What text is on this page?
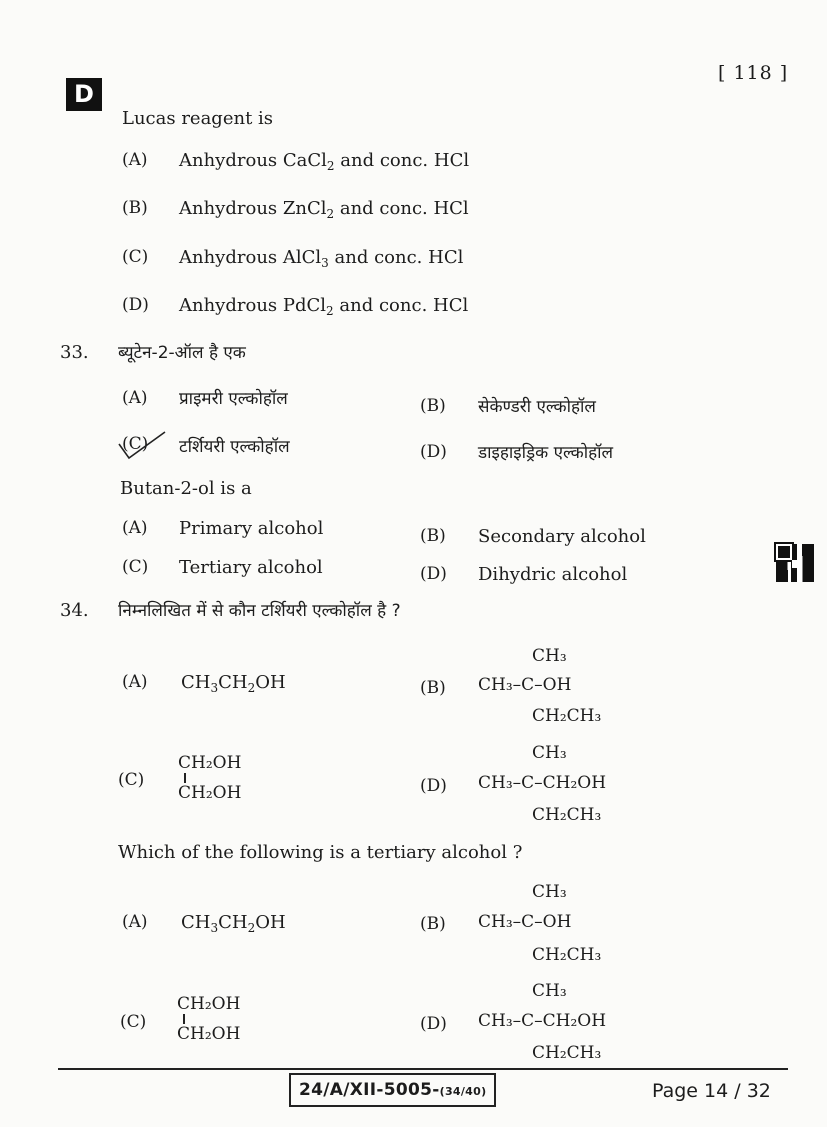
D
[ 118 ]
Lucas reagent is
(A) Anhydrous CaCl$_2$ and conc. HCl
(B) Anhydrous ZnCl$_2$ and conc. HCl
(C) Anhydrous AlCl$_3$ and conc. HCl
(D) Anhydrous PdCl$_2$ and conc. HCl
33. ब्यूटेन-2-ऑल है एक
(A) प्राइमरी एल्कोहॉल	(B) सेकेण्डरी एल्कोहॉल
(C) टर्शियरी एल्कोहॉल	(D) डाइहाइड्रिक एल्कोहॉल
Butan-2-ol is a
(A) Primary alcohol	(B) Secondary alcohol
(C) Tertiary alcohol	(D) Dihydric alcohol
34. निम्नलिखित में से कौन टर्शियरी एल्कोहॉल है ?
(A) $CH_3CH_2OH$	(B)
CH₃
CH₃–C–OH
CH₂CH₃
(C)
CH₂OH
CH₂OH	(D)
CH₃
CH₃–C–CH₂OH
CH₂CH₃
Which of the following is a tertiary alcohol ?
(A) $CH_3CH_2OH$	(B)
CH₃
CH₃–C–OH
CH₂CH₃
(C)
CH₂OH
CH₂OH	(D)
CH₃
CH₃–C–CH₂OH
CH₂CH₃
24/A/XII-5005-(34/40)	Page 14 / 32
